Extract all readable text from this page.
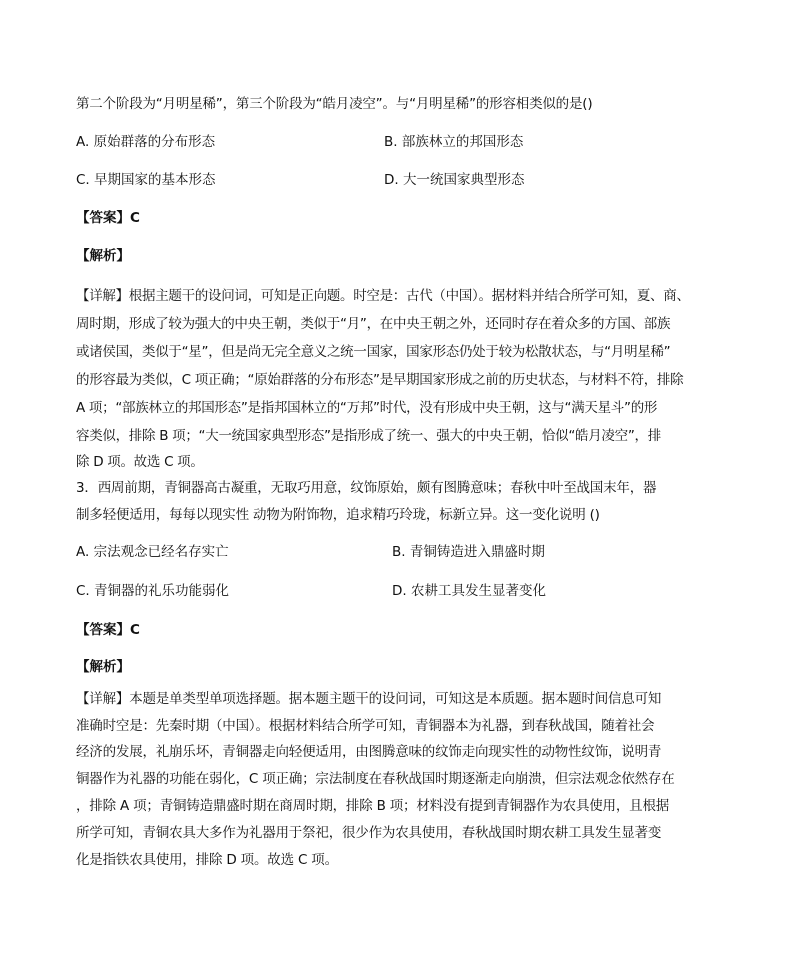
第二个阶段为“月明星稀”，第三个阶段为“皓月凌空”。与“月明星稀”的形容相类似的是()
A. 原始群落的分布形态	B. 部族林立的邦国形态
C. 早期国家的基本形态	D. 大一统国家典型形态
【答案】C
【解析】
【详解】根据主题干的设问词，可知是正向题。时空是：古代（中国）。据材料并结合所学可知，夏、商、
周时期，形成了较为强大的中央王朝，类似于“月”，在中央王朝之外，还同时存在着众多的方国、部族
或诸侯国，类似于“星”，但是尚无完全意义之统一国家，国家形态仍处于较为松散状态，与“月明星稀”
的形容最为类似，C 项正确；“原始群落的分布形态”是早期国家形成之前的历史状态，与材料不符，排除
A 项；“部族林立的邦国形态”是指邦国林立的“万邦”时代，没有形成中央王朝，这与“满天星斗”的形
容类似，排除 B 项；“大一统国家典型形态”是指形成了统一、强大的中央王朝，恰似“皓月凌空”，排
除 D 项。故选 C 项。
3．西周前期，青铜器高古凝重，无取巧用意，纹饰原始，颇有图腾意味；春秋中叶至战国末年，器
制多轻便适用，每每以现实性 动物为附饰物，追求精巧玲珑，标新立异。这一变化说明 ()
A. 宗法观念已经名存实亡	B. 青铜铸造进入鼎盛时期
C. 青铜器的礼乐功能弱化	D. 农耕工具发生显著变化
【答案】C
【解析】
【详解】本题是单类型单项选择题。据本题主题干的设问词，可知这是本质题。据本题时间信息可知
准确时空是：先秦时期（中国）。根据材料结合所学可知，青铜器本为礼器，到春秋战国，随着社会
经济的发展，礼崩乐坏，青铜器走向轻便适用，由图腾意味的纹饰走向现实性的动物性纹饰，说明青
铜器作为礼器的功能在弱化，C 项正确；宗法制度在春秋战国时期逐渐走向崩溃，但宗法观念依然存在
，排除 A 项；青铜铸造鼎盛时期在商周时期，排除 B 项；材料没有提到青铜器作为农具使用，且根据
所学可知，青铜农具大多作为礼器用于祭祀，很少作为农具使用，春秋战国时期农耕工具发生显著变
化是指铁农具使用，排除 D 项。故选 C 项。
